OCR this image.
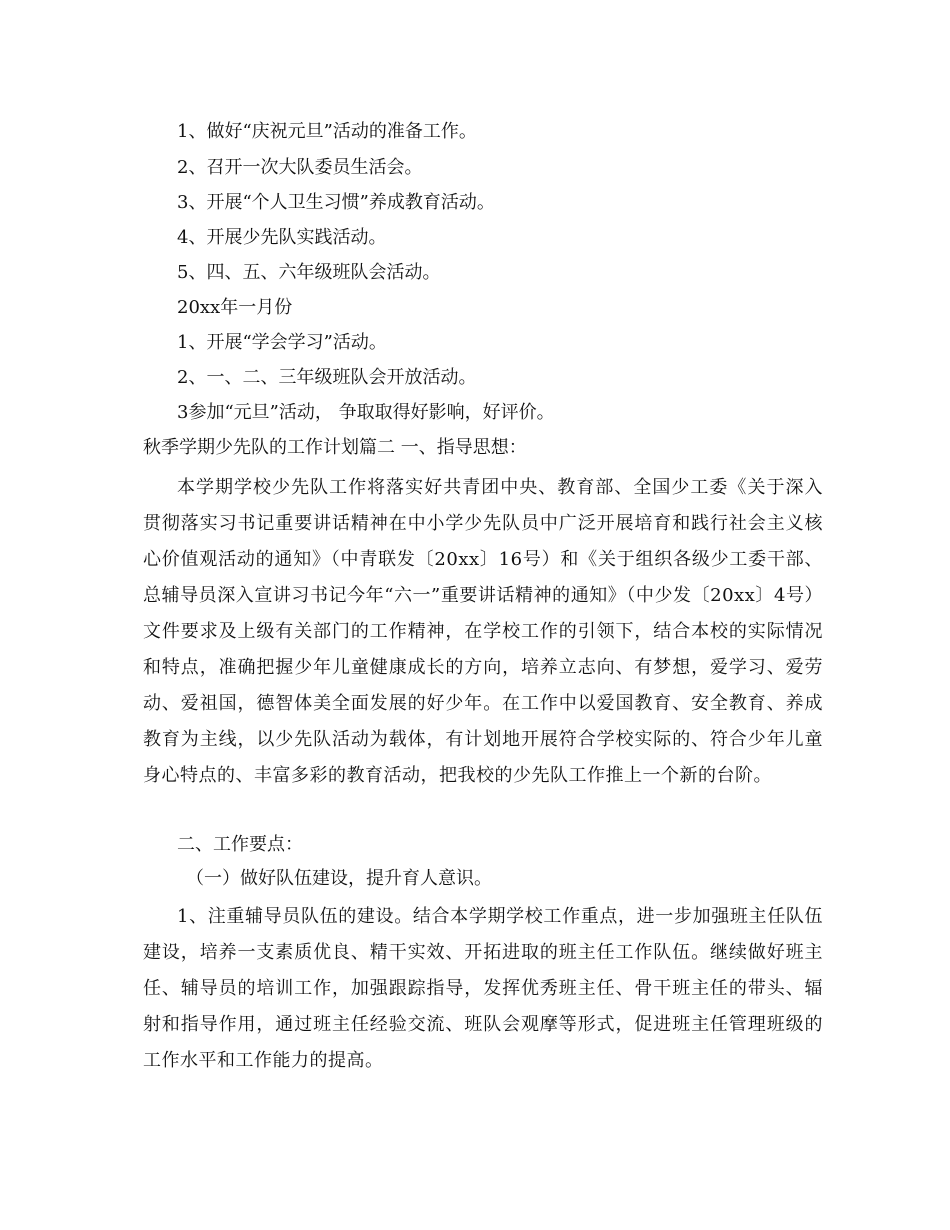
1、做好“庆祝元旦”活动的准备工作。
2、召开一次大队委员生活会。
3、开展“个人卫生习惯”养成教育活动。
4、开展少先队实践活动。
5、四、五、六年级班队会活动。
20xx年一月份
1、开展“学会学习”活动。
2、一、二、三年级班队会开放活动。
3参加“元旦”活动， 争取取得好影响，好评价。
秋季学期少先队的工作计划篇二 一、指导思想：
本学期学校少先队工作将落实好共青团中央、教育部、全国少工委《关于深入贯彻落实习书记重要讲话精神在中小学少先队员中广泛开展培育和践行社会主义核心价值观活动的通知》（中青联发〔20xx〕16号）和《关于组织各级少工委干部、总辅导员深入宣讲习书记今年“六一”重要讲话精神的通知》（中少发〔20xx〕4号）文件要求及上级有关部门的工作精神，在学校工作的引领下，结合本校的实际情况和特点，准确把握少年儿童健康成长的方向，培养立志向、有梦想，爱学习、爱劳动、爱祖国，德智体美全面发展的好少年。在工作中以爱国教育、安全教育、养成教育为主线，以少先队活动为载体，有计划地开展符合学校实际的、符合少年儿童身心特点的、丰富多彩的教育活动，把我校的少先队工作推上一个新的台阶。
二、工作要点：
（一）做好队伍建设，提升育人意识。
1、注重辅导员队伍的建设。结合本学期学校工作重点，进一步加强班主任队伍建设，培养一支素质优良、精干实效、开拓进取的班主任工作队伍。继续做好班主任、辅导员的培训工作，加强跟踪指导，发挥优秀班主任、骨干班主任的带头、辐射和指导作用，通过班主任经验交流、班队会观摩等形式，促进班主任管理班级的工作水平和工作能力的提高。
